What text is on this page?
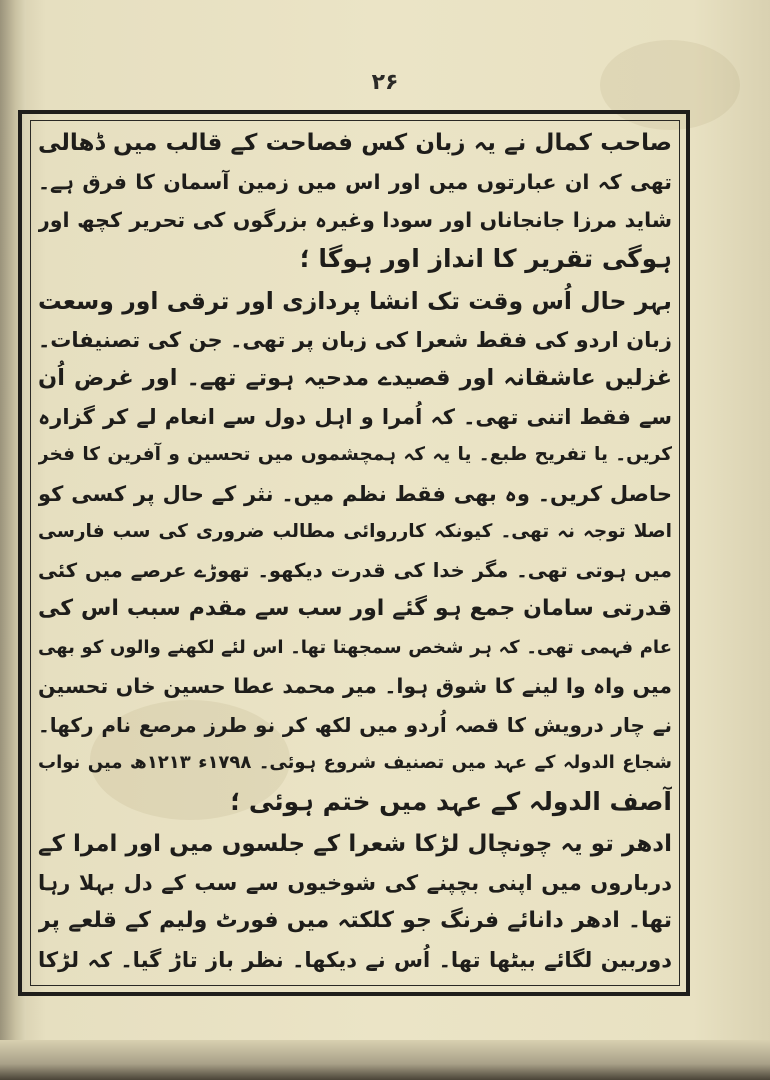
۲۶
صاحب کمال نے یہ زبان کس فصاحت کے قالب میں ڈھالی
تھی کہ ان عبارتوں میں اور اس میں زمین آسمان کا فرق ہے۔
شاید مرزا جانجاناں اور سودا وغیرہ بزرگوں کی تحریر کچھ اور
ہوگی تقریر کا انداز اور ہوگا ؛
بہر حال اُس وقت تک انشا پردازی اور ترقی اور وسعت
زبان اردو کی فقط شعرا کی زبان پر تھی۔ جن کی تصنیفات۔
غزلیں عاشقانہ اور قصیدے مدحیہ ہوتے تھے۔ اور غرض اُن
سے فقط اتنی تھی۔ کہ اُمرا و اہل دول سے انعام لے کر گزارہ
کریں۔ یا تفریح طبع۔ یا یہ کہ ہمچشموں میں تحسین و آفرین کا فخر
حاصل کریں۔ وہ بھی فقط نظم میں۔ نثر کے حال پر کسی کو
اصلا توجہ نہ تھی۔ کیونکہ کارروائی مطالب ضروری کی سب فارسی
میں ہوتی تھی۔ مگر خدا کی قدرت دیکھو۔ تھوڑے عرصے میں کئی
قدرتی سامان جمع ہو گئے اور سب سے مقدم سبب اس کی
عام فہمی تھی۔ کہ ہر شخص سمجھتا تھا۔ اس لئے لکھنے والوں کو بھی
میں واہ وا لینے کا شوق ہوا۔ میر محمد عطا حسین خاں تحسین
نے چار درویش کا قصہ اُردو میں لکھ کر نو طرز مرصع نام رکھا۔
شجاع الدولہ کے عہد میں تصنیف شروع ہوئی۔ ۱۷۹۸ء ۱۲۱۳ھ میں نواب
آصف الدولہ کے عہد میں ختم ہوئی ؛
ادھر تو یہ چونچال لڑکا شعرا کے جلسوں میں اور امرا کے
درباروں میں اپنی بچپنے کی شوخیوں سے سب کے دل بہلا رہا
تھا۔ ادھر دانائے فرنگ جو کلکتہ میں فورٹ ولیم کے قلعے پر
دوربین لگائے بیٹھا تھا۔ اُس نے دیکھا۔ نظر باز تاڑ گیا۔ کہ لڑکا
